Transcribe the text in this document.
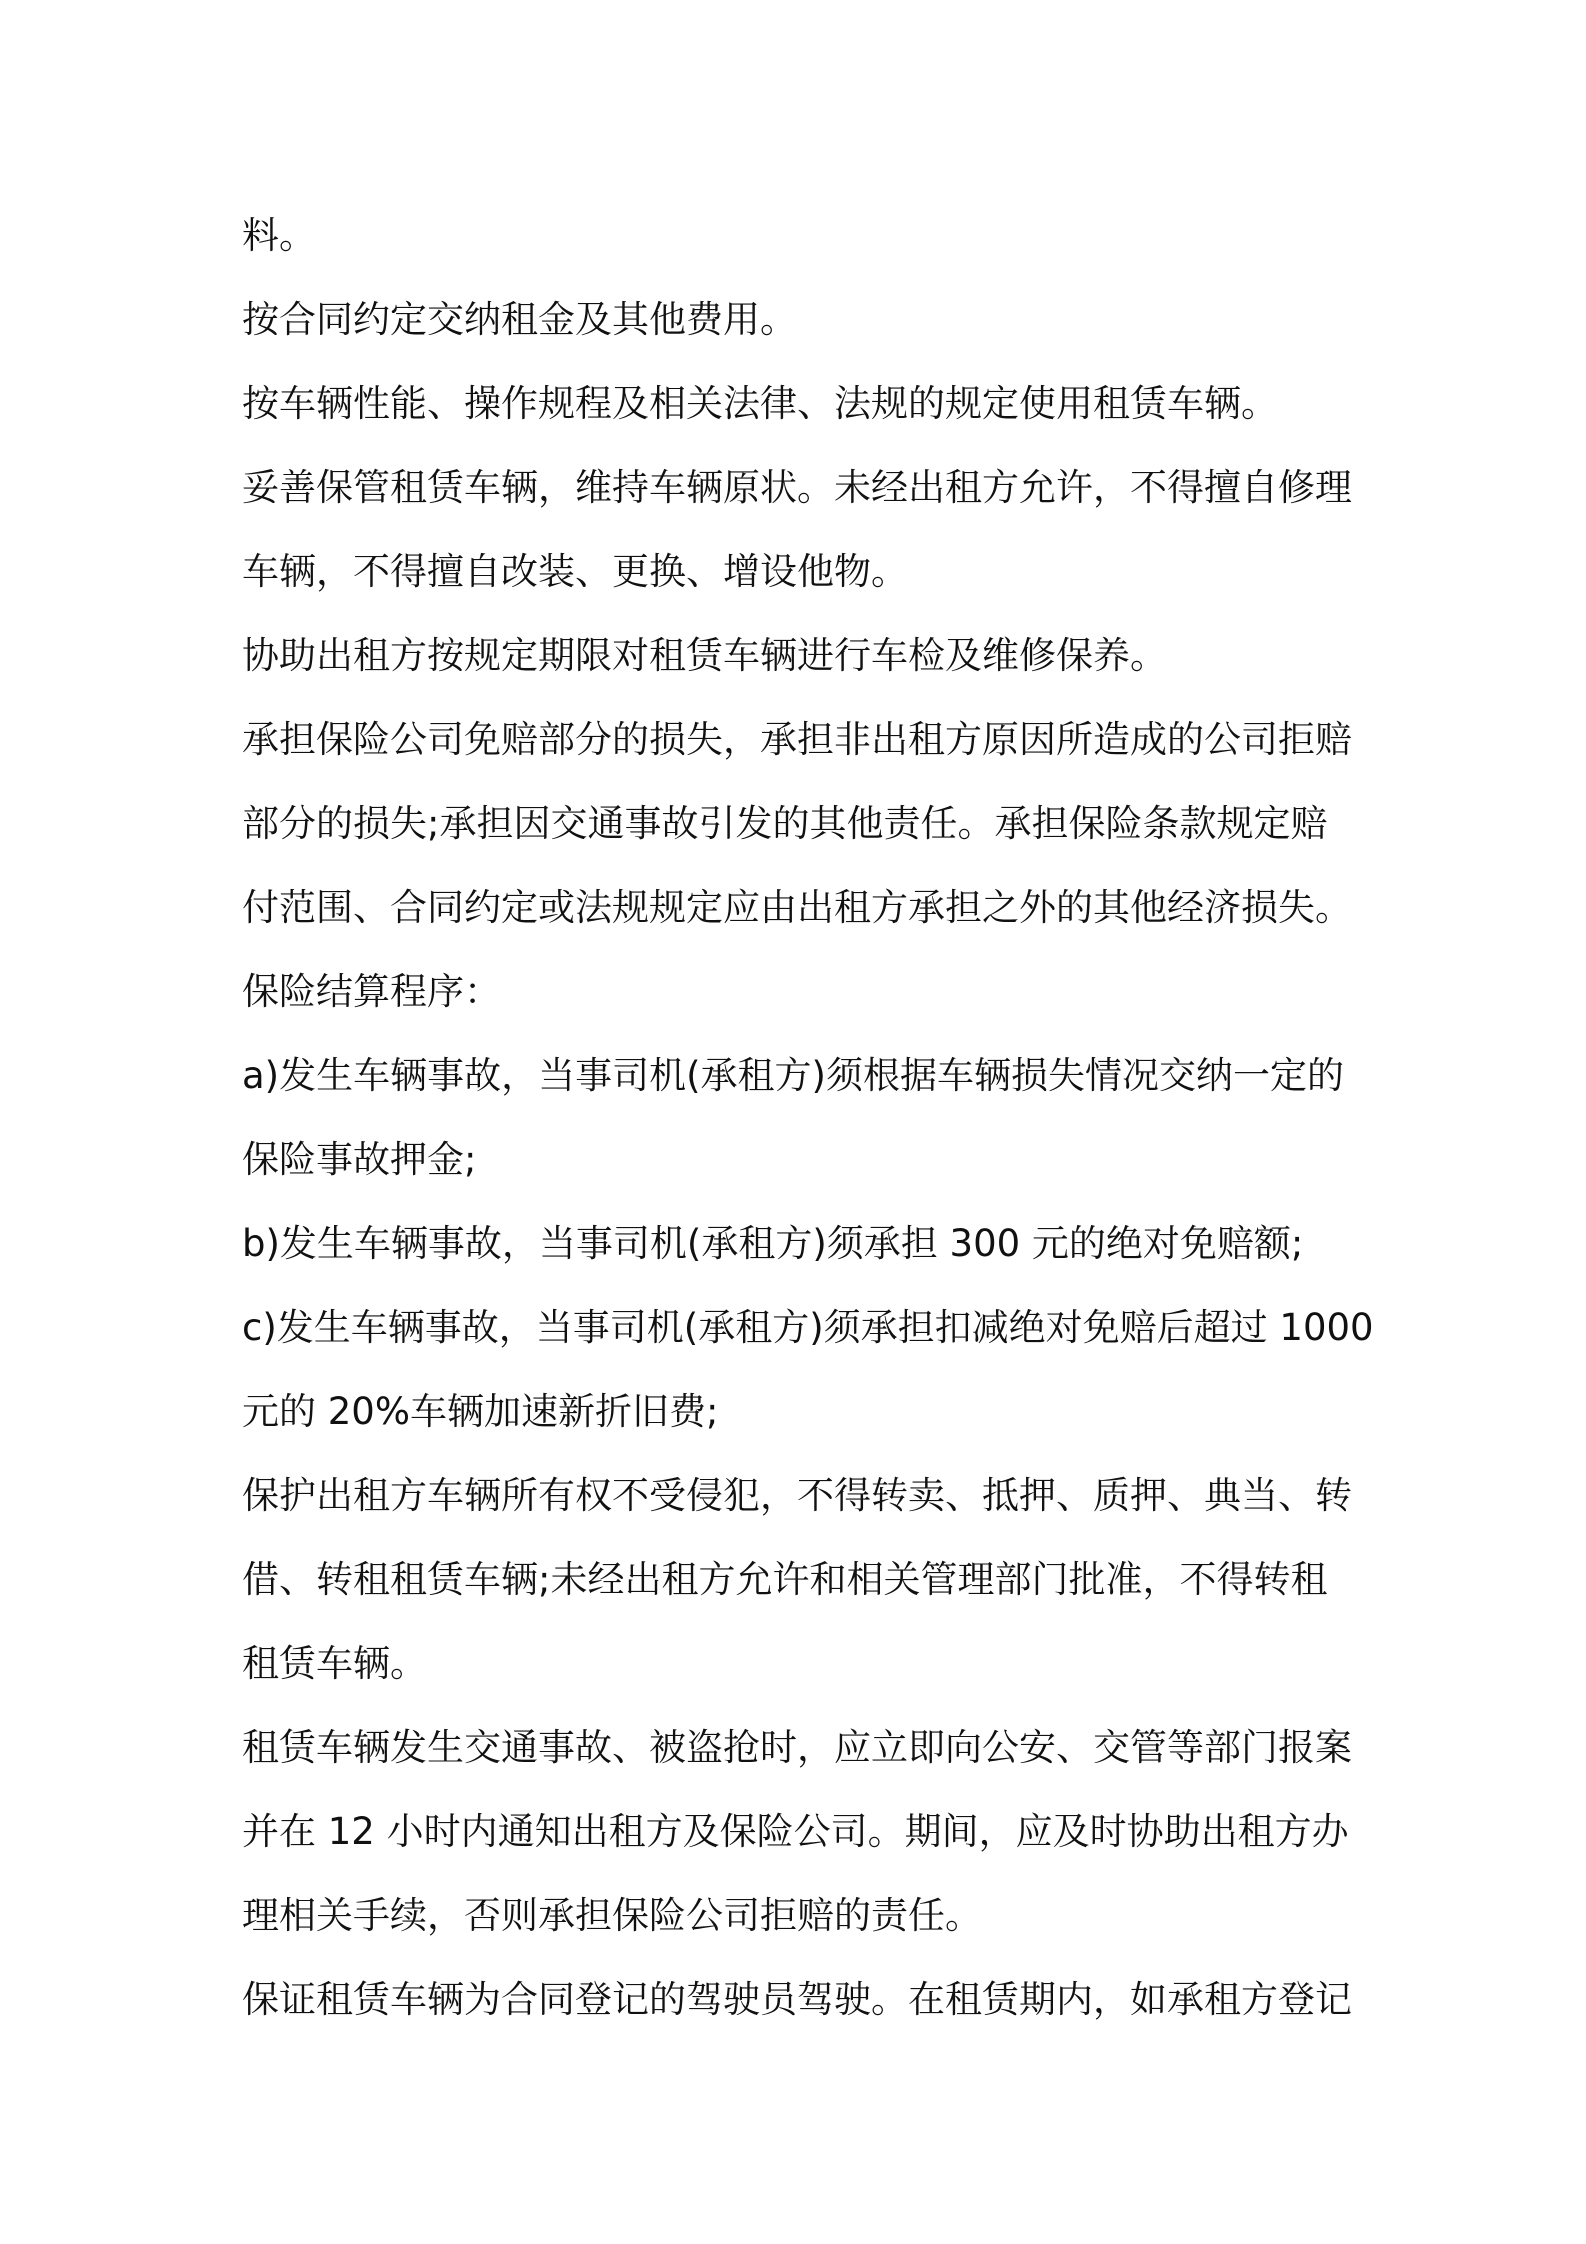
料。
按合同约定交纳租金及其他费用。
按车辆性能、操作规程及相关法律、法规的规定使用租赁车辆。
妥善保管租赁车辆，维持车辆原状。未经出租方允许，不得擅自修理
车辆，不得擅自改装、更换、增设他物。
协助出租方按规定期限对租赁车辆进行车检及维修保养。
承担保险公司免赔部分的损失，承担非出租方原因所造成的公司拒赔
部分的损失;承担因交通事故引发的其他责任。承担保险条款规定赔
付范围、合同约定或法规规定应由出租方承担之外的其他经济损失。
保险结算程序：
a)发生车辆事故，当事司机(承租方)须根据车辆损失情况交纳一定的
保险事故押金;
b)发生车辆事故，当事司机(承租方)须承担 300 元的绝对免赔额;
c)发生车辆事故，当事司机(承租方)须承担扣减绝对免赔后超过 1000
元的 20%车辆加速新折旧费;
保护出租方车辆所有权不受侵犯，不得转卖、抵押、质押、典当、转
借、转租租赁车辆;未经出租方允许和相关管理部门批准，不得转租
租赁车辆。
租赁车辆发生交通事故、被盗抢时，应立即向公安、交管等部门报案
并在 12 小时内通知出租方及保险公司。期间，应及时协助出租方办
理相关手续，否则承担保险公司拒赔的责任。
保证租赁车辆为合同登记的驾驶员驾驶。在租赁期内，如承租方登记
